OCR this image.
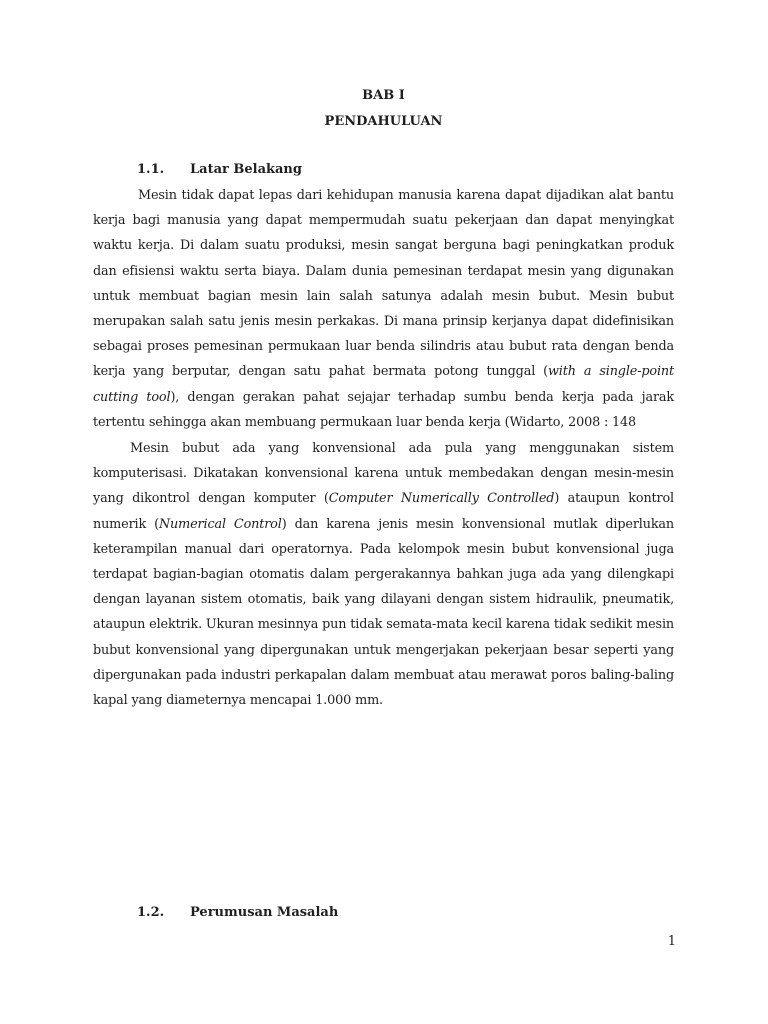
BAB I
PENDAHULUAN
1.1. Latar Belakang

Mesin tidak dapat lepas dari kehidupan manusia karena dapat dijadikan alat bantu kerja bagi manusia yang dapat mempermudah suatu pekerjaan dan dapat menyingkat waktu kerja. Di dalam suatu produksi, mesin sangat berguna bagi peningkatkan produk dan efisiensi waktu serta biaya. Dalam dunia pemesinan terdapat mesin yang digunakan untuk membuat bagian mesin lain salah satunya adalah mesin bubut. Mesin bubut merupakan salah satu jenis mesin perkakas. Di mana prinsip kerjanya dapat didefinisikan sebagai proses pemesinan permukaan luar benda silindris atau bubut rata dengan benda kerja yang berputar, dengan satu pahat bermata potong tunggal (with a single-point cutting tool), dengan gerakan pahat sejajar terhadap sumbu benda kerja pada jarak tertentu sehingga akan membuang permukaan luar benda kerja (Widarto, 2008 : 148

Mesin bubut ada yang konvensional ada pula yang menggunakan sistem komputerisasi. Dikatakan konvensional karena untuk membedakan dengan mesin-mesin yang dikontrol dengan komputer (Computer Numerically Controlled) ataupun kontrol numerik (Numerical Control) dan karena jenis mesin konvensional mutlak diperlukan keterampilan manual dari operatornya. Pada kelompok mesin bubut konvensional juga terdapat bagian-bagian otomatis dalam pergerakannya bahkan juga ada yang dilengkapi dengan layanan sistem otomatis, baik yang dilayani dengan sistem hidraulik, pneumatik, ataupun elektrik. Ukuran mesinnya pun tidak semata-mata kecil karena tidak sedikit mesin bubut konvensional yang dipergunakan untuk mengerjakan pekerjaan besar seperti yang dipergunakan pada industri perkapalan dalam membuat atau merawat poros baling-baling kapal yang diameternya mencapai 1.000 mm.

1.2. Perumusan Masalah
1
